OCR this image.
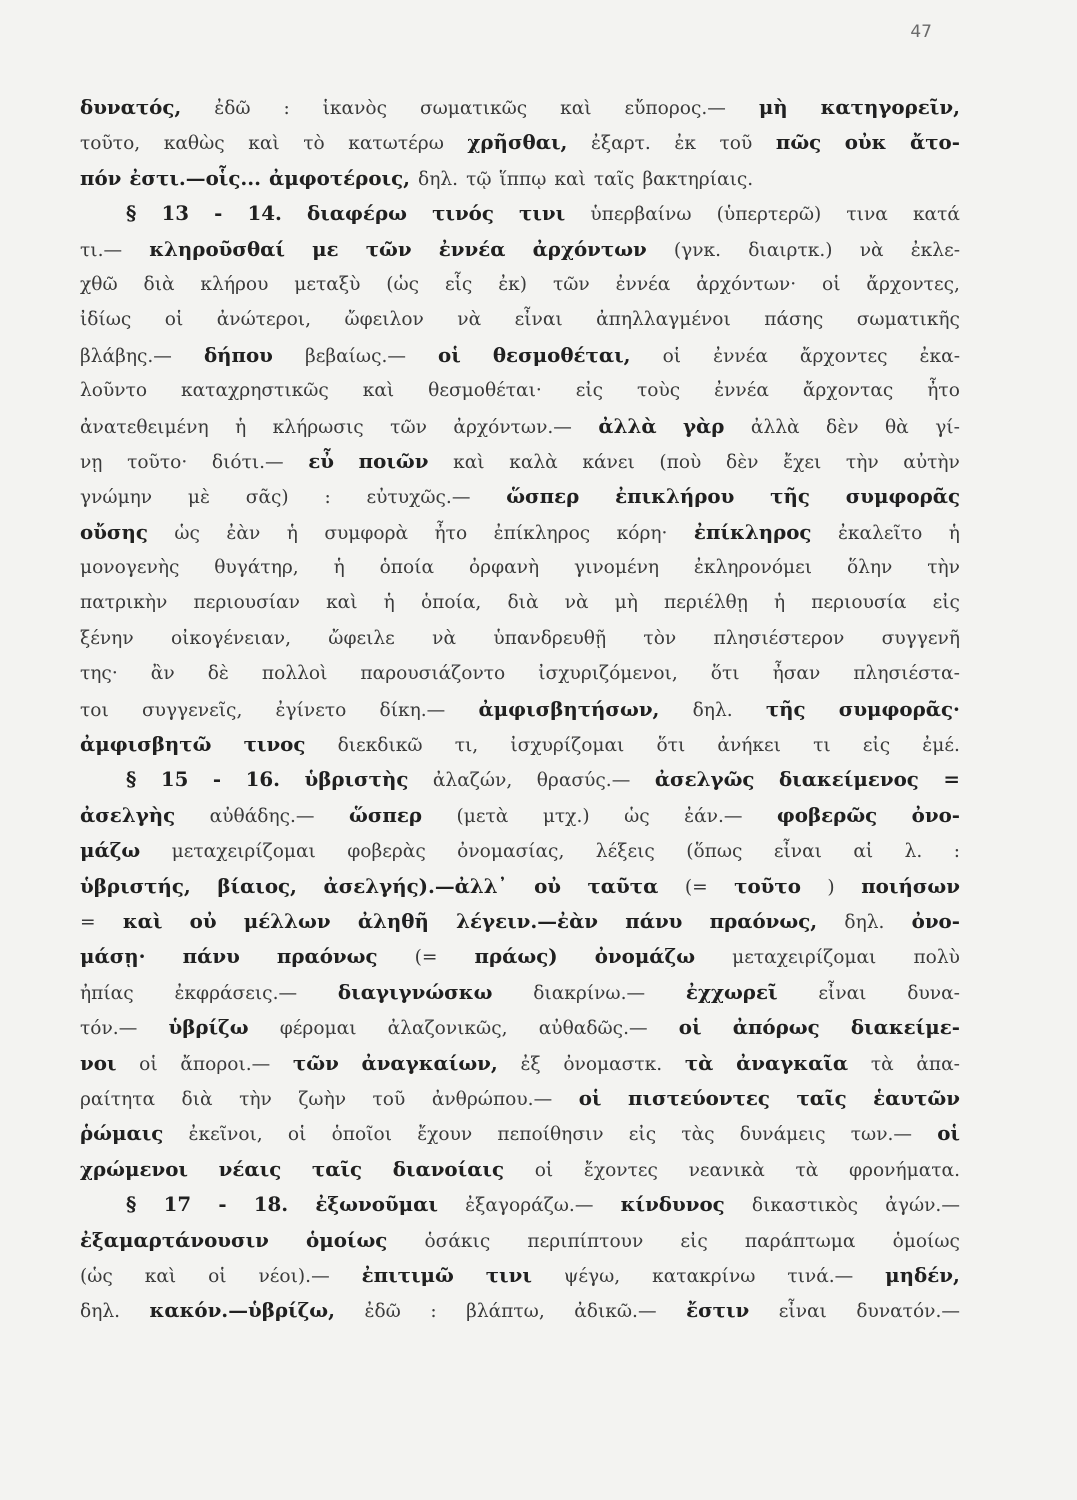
47
δυνατός, ἐδῶ : ἱκανὸς σωματικῶς καὶ εὔπορος.— μὴ κατηγορεῖν,
τοῦτο, καθὼς καὶ τὸ κατωτέρω χρῆσθαι, ἐξαρτ. ἐκ τοῦ πῶς οὐκ ἄτο-
πόν ἐστι.—οἷς... ἀμφοτέροις, δηλ. τῷ ἵππῳ καὶ ταῖς βακτηρίαις.
§ 13 - 14. διαφέρω τινός τινι ὑπερβαίνω (ὑπερτερῶ) τινα κατά
τι.— κληροῦσθαί με τῶν ἐννέα ἀρχόντων (γνκ. διαιρτκ.) νὰ ἐκλε-
χθῶ διὰ κλήρου μεταξὺ (ὡς εἷς ἐκ) τῶν ἐννέα ἀρχόντων· οἱ ἄρχοντες,
ἰδίως οἱ ἀνώτεροι, ὤφειλον νὰ εἶναι ἀπηλλαγμένοι πάσης σωματικῆς
βλάβης.— δήπου βεβαίως.— οἱ θεσμοθέται, οἱ ἐννέα ἄρχοντες ἐκα-
λοῦντο καταχρηστικῶς καὶ θεσμοθέται· εἰς τοὺς ἐννέα ἄρχοντας ἦτο
ἀνατεθειμένη ἡ κλήρωσις τῶν ἀρχόντων.— ἀλλὰ γὰρ ἀλλὰ δὲν θὰ γί-
νῃ τοῦτο· διότι.— εὖ ποιῶν καὶ καλὰ κάνει (ποὺ δὲν ἔχει τὴν αὐτὴν
γνώμην μὲ σᾶς) : εὐτυχῶς.— ὥσπερ ἐπικλήρου τῆς συμφορᾶς
οὔσης ὡς ἐὰν ἡ συμφορὰ ἦτο ἐπίκληρος κόρη· ἐπίκληρος ἐκαλεῖτο ἡ
μονογενὴς θυγάτηρ, ἡ ὁποία ὀρφανὴ γινομένη ἐκληρονόμει ὅλην τὴν
πατρικὴν περιουσίαν καὶ ἡ ὁποία, διὰ νὰ μὴ περιέλθῃ ἡ περιουσία εἰς
ξένην οἰκογένειαν, ὤφειλε νὰ ὑπανδρευθῇ τὸν πλησιέστερον συγγενῆ
της· ἂν δὲ πολλοὶ παρουσιάζοντο ἰσχυριζόμενοι, ὅτι ἦσαν πλησιέστα-
τοι συγγενεῖς, ἐγίνετο δίκη.— ἀμφισβητήσων, δηλ. τῆς συμφορᾶς·
ἀμφισβητῶ τινος διεκδικῶ τι, ἰσχυρίζομαι ὅτι ἀνήκει τι εἰς ἐμέ.
§ 15 - 16. ὑβριστὴς ἀλαζών, θρασύς.— ἀσελγῶς διακείμενος =
ἀσελγὴς αὐθάδης.— ὥσπερ (μετὰ μτχ.) ὡς ἐάν.— φοβερῶς ὀνο-
μάζω μεταχειρίζομαι φοβερὰς ὀνομασίας, λέξεις (ὅπως εἶναι αἱ λ. :
ὑβριστής, βίαιος, ἀσελγής).—ἀλλ᾽ οὐ ταῦτα (= τοῦτο ) ποιήσων
= καὶ οὐ μέλλων ἀληθῆ λέγειν.—ἐὰν πάνυ πραόνως, δηλ. ὀνο-
μάσῃ· πάνυ πραόνως (= πράως) ὀνομάζω μεταχειρίζομαι πολὺ
ἠπίας ἐκφράσεις.— διαγιγνώσκω διακρίνω.— ἐχχωρεῖ εἶναι δυνα-
τόν.— ὑβρίζω φέρομαι ἀλαζονικῶς, αὐθαδῶς.— οἱ ἀπόρως διακείμε-
νοι οἱ ἄποροι.— τῶν ἀναγκαίων, ἐξ ὀνομαστκ. τὰ ἀναγκαῖα τὰ ἀπα-
ραίτητα διὰ τὴν ζωὴν τοῦ ἀνθρώπου.— οἱ πιστεύοντες ταῖς ἑαυτῶν
ῥώμαις ἐκεῖνοι, οἱ ὁποῖοι ἔχουν πεποίθησιν εἰς τὰς δυνάμεις των.— οἱ
χρώμενοι νέαις ταῖς διανοίαις οἱ ἔχοντες νεανικὰ τὰ φρονήματα.
§ 17 - 18. ἐξωνοῦμαι ἐξαγοράζω.— κίνδυνος δικαστικὸς ἀγών.—
ἐξαμαρτάνουσιν ὁμοίως ὁσάκις περιπίπτουν εἰς παράπτωμα ὁμοίως
(ὡς καὶ οἱ νέοι).— ἐπιτιμῶ τινι ψέγω, κατακρίνω τινά.— μηδέν,
δηλ. κακόν.—ὑβρίζω, ἐδῶ : βλάπτω, ἀδικῶ.— ἔστιν εἶναι δυνατόν.—
